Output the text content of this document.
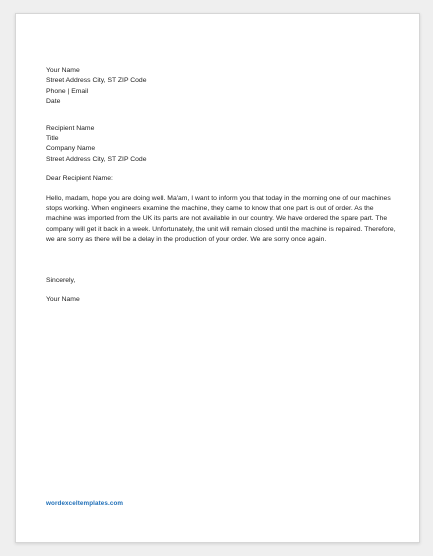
Your Name
Street Address City, ST ZIP Code
Phone | Email
Date
Recipient Name
Title
Company Name
Street Address City, ST ZIP Code
Dear Recipient Name:

Hello, madam, hope you are doing well. Ma'am, I want to inform you that today in the morning one of our machines stops working. When engineers examine the machine, they came to know that one part is out of order. As the machine was imported from the UK its parts are not available in our country. We have ordered the spare part. The company will get it back in a week. Unfortunately, the unit will remain closed until the machine is repaired. Therefore, we are sorry as there will be a delay in the production of your order. We are sorry once again.

Sincerely,
Your Name
wordexceltemplates.com
